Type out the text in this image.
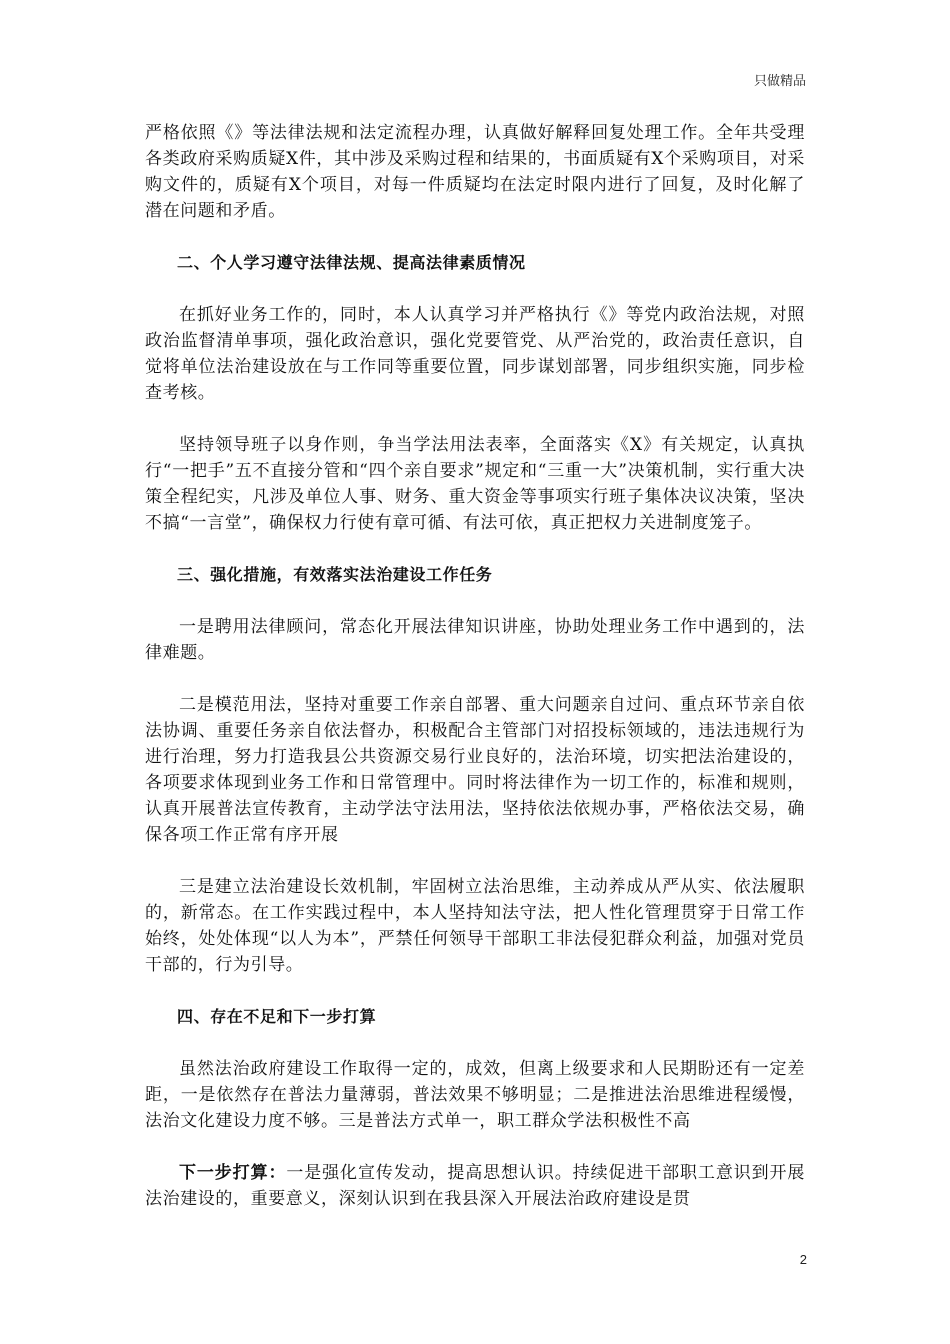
只做精品

严格依照《》等法律法规和法定流程办理，认真做好解释回复处理工作。全年共受理各类政府采购质疑X件，其中涉及采购过程和结果的，书面质疑有X个采购项目，对采购文件的，质疑有X个项目，对每一件质疑均在法定时限内进行了回复，及时化解了潜在问题和矛盾。

二、个人学习遵守法律法规、提高法律素质情况

在抓好业务工作的，同时，本人认真学习并严格执行《》等党内政治法规，对照政治监督清单事项，强化政治意识，强化党要管党、从严治党的，政治责任意识，自觉将单位法治建设放在与工作同等重要位置，同步谋划部署，同步组织实施，同步检查考核。

坚持领导班子以身作则，争当学法用法表率，全面落实《X》有关规定，认真执行“一把手”五不直接分管和“四个亲自要求”规定和“三重一大”决策机制，实行重大决策全程纪实，凡涉及单位人事、财务、重大资金等事项实行班子集体决议决策，坚决不搞“一言堂”，确保权力行使有章可循、有法可依，真正把权力关进制度笼子。

三、强化措施，有效落实法治建设工作任务

一是聘用法律顾问，常态化开展法律知识讲座，协助处理业务工作中遇到的，法律难题。

二是模范用法，坚持对重要工作亲自部署、重大问题亲自过问、重点环节亲自依法协调、重要任务亲自依法督办，积极配合主管部门对招投标领域的，违法违规行为进行治理，努力打造我县公共资源交易行业良好的，法治环境，切实把法治建设的，各项要求体现到业务工作和日常管理中。同时将法律作为一切工作的，标准和规则，认真开展普法宣传教育，主动学法守法用法，坚持依法依规办事，严格依法交易，确保各项工作正常有序开展

三是建立法治建设长效机制，牢固树立法治思维，主动养成从严从实、依法履职的，新常态。在工作实践过程中，本人坚持知法守法，把人性化管理贯穿于日常工作始终，处处体现“以人为本”，严禁任何领导干部职工非法侵犯群众利益，加强对党员干部的，行为引导。

四、存在不足和下一步打算

虽然法治政府建设工作取得一定的，成效，但离上级要求和人民期盼还有一定差距，一是依然存在普法力量薄弱，普法效果不够明显；二是推进法治思维进程缓慢，法治文化建设力度不够。三是普法方式单一，职工群众学法积极性不高

下一步打算：一是强化宣传发动，提高思想认识。持续促进干部职工意识到开展法治建设的，重要意义，深刻认识到在我县深入开展法治政府建设是贯

2
